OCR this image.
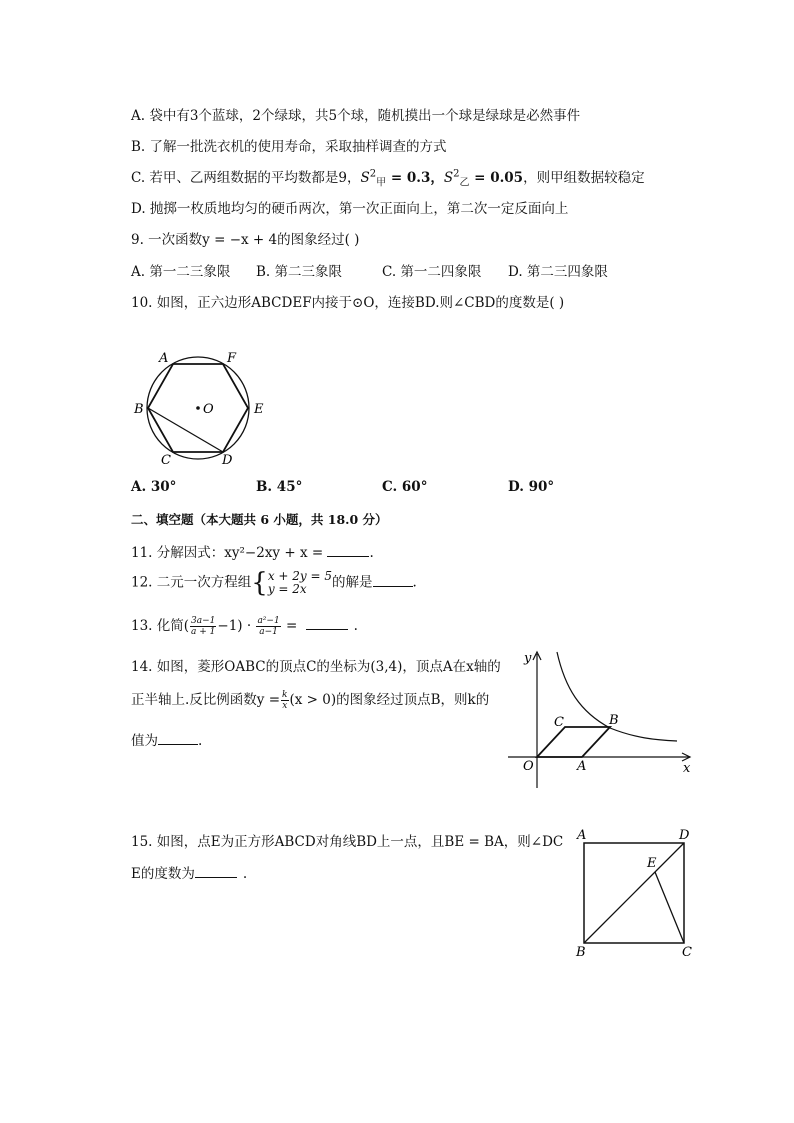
A. 袋中有3个蓝球，2个绿球，共5个球，随机摸出一个球是绿球是必然事件
B. 了解一批洗衣机的使用寿命，采取抽样调查的方式
C. 若甲、乙两组数据的平均数都是9，$S^2_甲 = 0.3$，$S^2_乙 = 0.05$，则甲组数据较稳定
D. 抛掷一枚质地均匀的硬币两次，第一次正面向上，第二次一定反面向上
9. 一次函数y = −x + 4的图象经过( )
A. 第一二三象限 B. 第二三象限	C. 第一二四象限 D. 第二三四象限
10. 如图，正六边形ABCDEF内接于⊙O，连接BD.则∠CBD的度数是( )
A	F
B	O	E
C	D
A. 30°	B. 45°	C. 60°	D. 90°
二、填空题（本大题共 6 小题，共 18.0 分）
11. 分解因式：xy²−2xy + x =	.
12. 二元一次方程组{ x + 2y = 5
y = 2x	的解是	.
13. 化简( $\frac{3a-1}{a + 1} -1) \cdot \frac{\text{a²−1}}{a-1}$ =	.
14. 如图，菱形OABC的顶点C的坐标为(3,4)，顶点A在x轴的
正半轴上.反比例函数$y = \frac{k}{x} (x > 0)$的图象经过顶点B，则k的
值为	.
y
C	B
O	A	x
15. 如图，点E为正方形ABCD对角线BD上一点，且BE = BA，则∠DC
E的度数为	.
A	D
E
B	C
